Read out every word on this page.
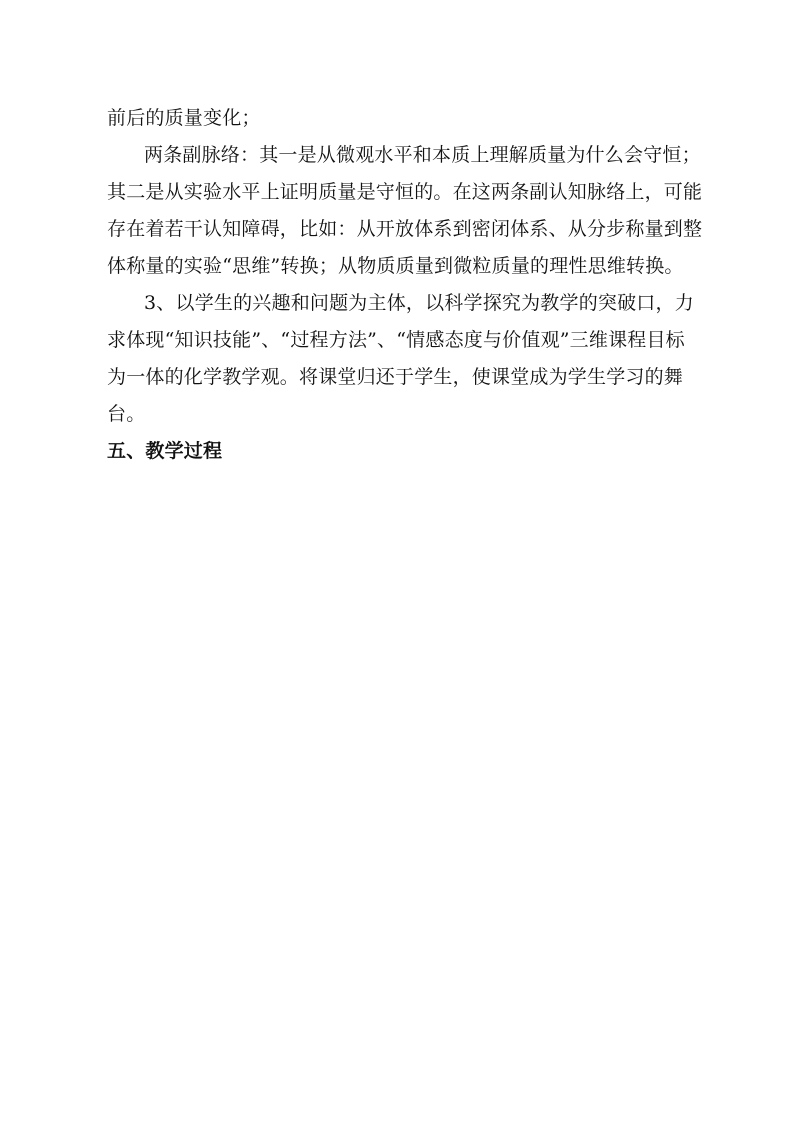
前后的质量变化；
两条副脉络：其一是从微观水平和本质上理解质量为什么会守恒；
其二是从实验水平上证明质量是守恒的。在这两条副认知脉络上，可能
存在着若干认知障碍，比如：从开放体系到密闭体系、从分步称量到整
体称量的实验“思维”转换；从物质质量到微粒质量的理性思维转换。
3、以学生的兴趣和问题为主体，以科学探究为教学的突破口，力
求体现“知识技能”、“过程方法”、“情感态度与价值观”三维课程目标
为一体的化学教学观。将课堂归还于学生，使课堂成为学生学习的舞
台。
五、教学过程
